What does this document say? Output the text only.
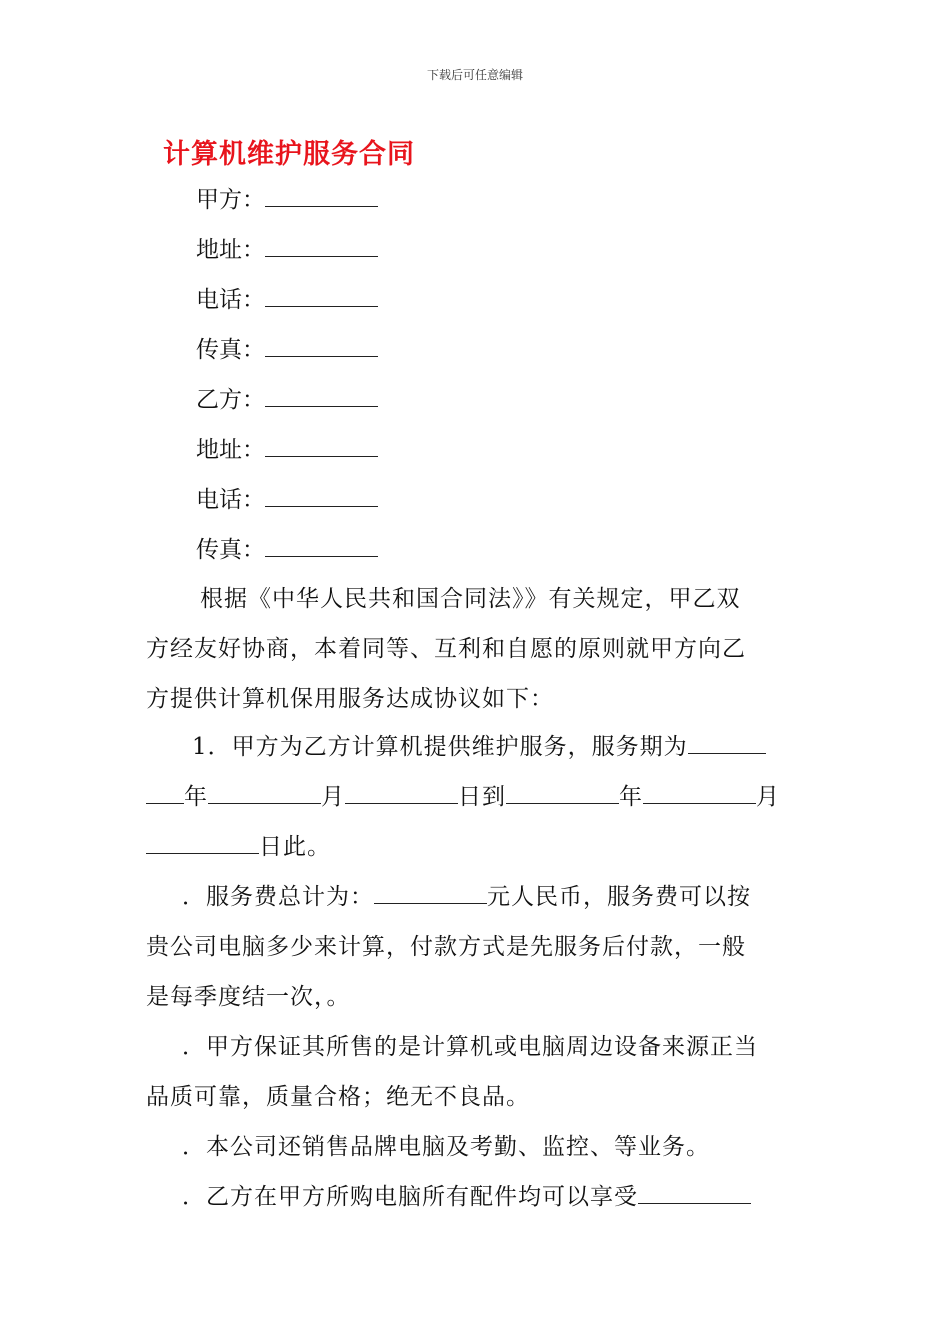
下载后可任意编辑
计算机维护服务合同
甲方：
地址：
电话：
传真：
乙方：
地址：
电话：
传真：
根据《中华人民共和国合同法》》有关规定，甲乙双
方经友好协商，本着同等、互利和自愿的原则就甲方向乙
方提供计算机保用服务达成协议如下：
1．甲方为乙方计算机提供维护服务，服务期为
年	月	日到	年	月
日此。
．服务费总计为：	元人民币，服务费可以按
贵公司电脑多少来计算，付款方式是先服务后付款，一般
是每季度结一次，。
．甲方保证其所售的是计算机或电脑周边设备来源正当
品质可靠，质量合格；绝无不良品。
．本公司还销售品牌电脑及考勤、监控、等业务。
．乙方在甲方所购电脑所有配件均可以享受
